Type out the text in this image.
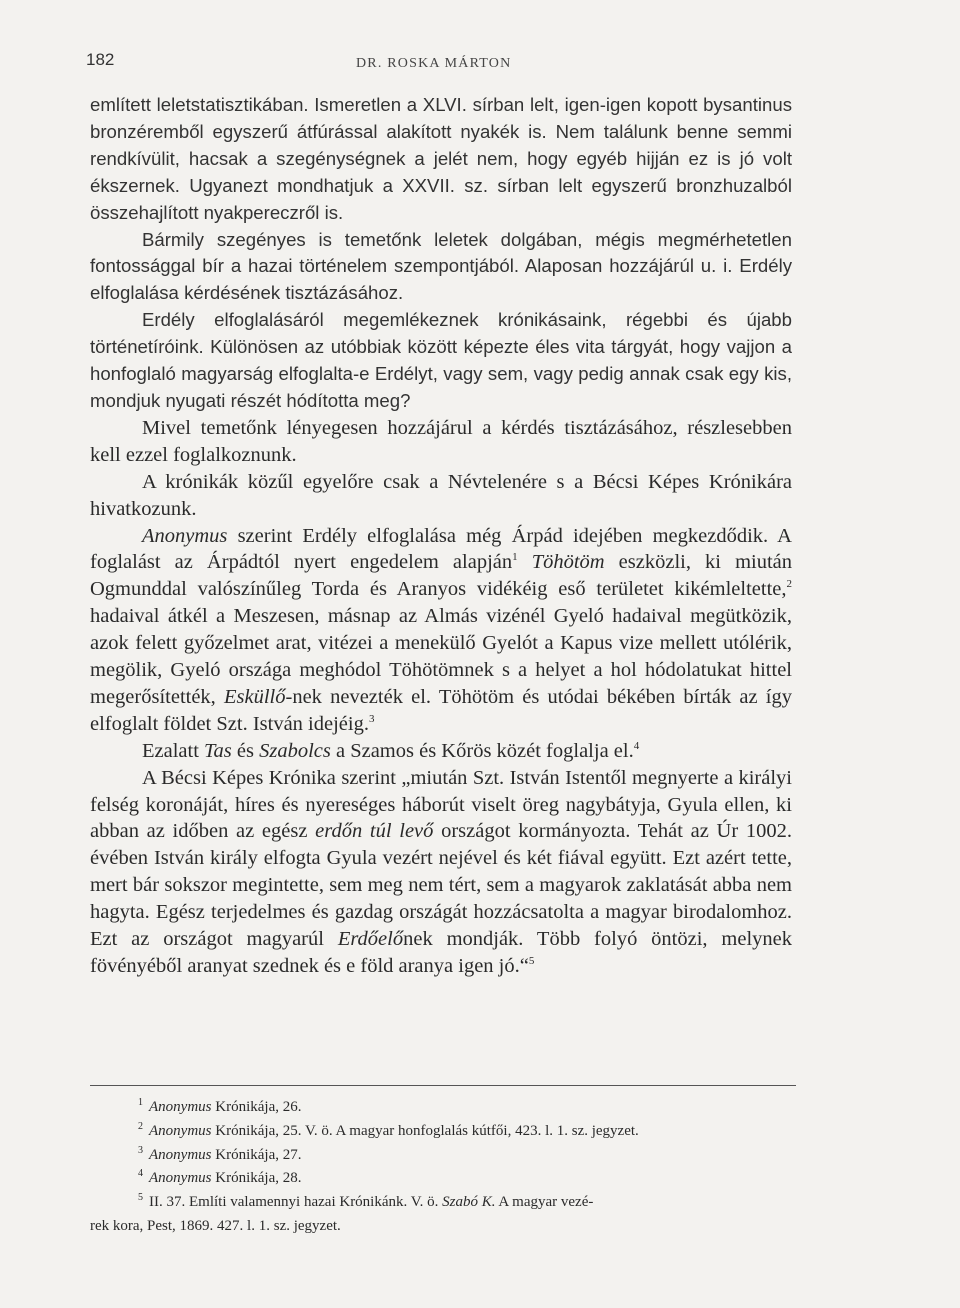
182	DR. ROSKA MÁRTON

említett leletstatisztikában. Ismeretlen a XLVI. sírban lelt, igen-igen kopott bysantinus bronzéremből egyszerű átfúrással alakított nyakék is. Nem találunk benne semmi rendkívülit, hacsak a szegénységnek a jelét nem, hogy egyéb hijján ez is jó volt ékszernek. Ugyanezt mondhatjuk a XXVII. sz. sírban lelt egyszerű bronzhuzalból összehajlított nyakpereczről is.

Bármily szegényes is temetőnk leletek dolgában, mégis megmérhetetlen fontossággal bír a hazai történelem szempontjából. Alaposan hozzájárúl u. i. Erdély elfoglalása kérdésének tisztázásához.

Erdély elfoglalásáról megemlékeznek krónikásaink, régebbi és újabb történetíróink. Különösen az utóbbiak között képezte éles vita tárgyát, hogy vajjon a honfoglaló magyarság elfoglalta-e Erdélyt, vagy sem, vagy pedig annak csak egy kis, mondjuk nyugati részét hódította meg?

Mivel temetőnk lényegesen hozzájárul a kérdés tisztázásához, részlesebben kell ezzel foglalkoznunk.

A krónikák közűl egyelőre csak a Névtelenére s a Bécsi Képes Krónikára hivatkozunk.

Anonymus szerint Erdély elfoglalása még Árpád idejében megkezdődik. A foglalást az Árpádtól nyert engedelem alapján$^1$ Töhötöm eszközli, ki miután Ogmunddal valószínűleg Torda és Aranyos vidékéig eső területet kikémleltette,$^2$ hadaival átkél a Meszesen, másnap az Almás vizénél Gyeló hadaival megütközik, azok felett győzelmet arat, vitézei a menekülő Gyelót a Kapus vize mellett utólérik, megölik, Gyeló országa meghódol Töhötömnek s a helyet a hol hódolatukat hittel megerősítették, Esküllő-nek nevezték el. Töhötöm és utódai békében bírták az így elfoglalt földet Szt. István idejéig.$^3$

Ezalatt Tas és Szabolcs a Szamos és Kőrös közét foglalja el.$^4$

A Bécsi Képes Krónika szerint „miután Szt. István Istentől megnyerte a királyi felség koronáját, híres és nyereséges háborút viselt öreg nagybátyja, Gyula ellen, ki abban az időben az egész erdőn túl levő országot kormányozta. Tehát az Úr 1002. évében István király elfogta Gyula vezért nejével és két fiával együtt. Ezt azért tette, mert bár sokszor megintette, sem meg nem tért, sem a magyarok zaklatását abba nem hagyta. Egész terjedelmes és gazdag országát hozzácsatolta a magyar birodalomhoz. Ezt az országot magyarúl Erdőelőnek mondják. Több folyó öntözi, melynek fövényéből aranyat szednek és e föld aranya igen jó.“$^5$

$^1$ Anonymus Krónikája, 26.

$^2$ Anonymus Krónikája, 25. V. ö. A magyar honfoglalás kútfői, 423. l. 1. sz. jegyzet.

$^3$ Anonymus Krónikája, 27.

$^4$ Anonymus Krónikája, 28.

$^5$ II. 37. Említi valamennyi hazai Krónikánk. V. ö. Szabó K. A magyar vezé-

rek kora, Pest, 1869. 427. l. 1. sz. jegyzet.
